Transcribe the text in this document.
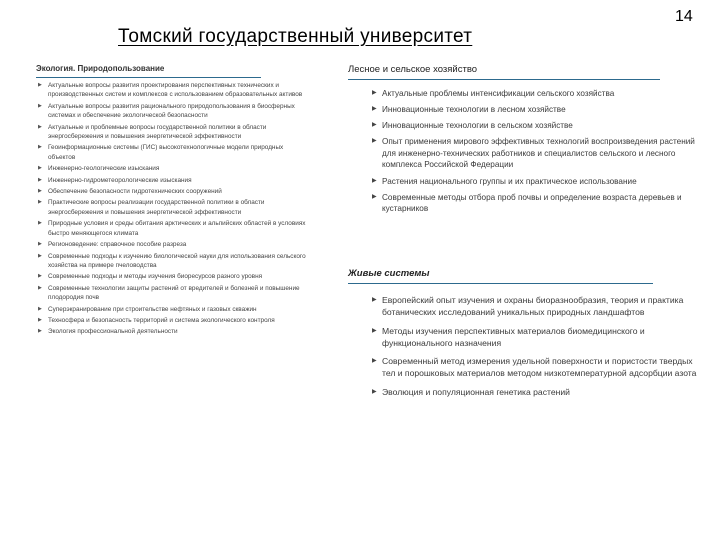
Томский государственный университет
14
Экология. Природопользование
▶ Актуальные вопросы развития проектирования перспективных технических и производственных систем и комплексов с использованием образовательных активов
▶ Актуальные вопросы развития рационального природопользования в биосферных системах и обеспечение экологической безопасности
▶ Актуальные и проблемные вопросы государственной политики в области энергосбережения и повышения энергетической эффективности
▶ Геоинформационные системы (ГИС) высокотехнологичные модели природных объектов
▶ Инженерно-геологические изыскания
▶ Инженерно-гидрометеорологические изыскания
▶ Обеспечение безопасности гидротехнических сооружений
▶ Практические вопросы реализации государственной политики в области энергосбережения и повышения энергетической эффективности
▶ Природные условия и среды обитания арктических и альпийских областей в условиях быстро меняющегося климата
▶ Регионоведение: справочное пособие разреза
▶ Современные подходы к изучению биологической науки для использования сельского хозяйства на примере пчеловодства
▶ Современные подходы и методы изучения биоресурсов разного уровня
▶ Современные технологии защиты растений от вредителей и болезней и повышение плодородия почв
▶ Суперэкранирование при строительстве нефтяных и газовых скважин
▶ Техносфера и безопасность территорий и система экологического контроля
▶ Экология профессиональной деятельности
Лесное и сельское хозяйство
▶ Актуальные проблемы интенсификации сельского хозяйства
▶ Инновационные технологии в лесном хозяйстве
▶ Инновационные технологии в сельском хозяйстве
▶ Опыт применения мирового эффективных технологий воспроизведения растений для инженерно-технических работников и специалистов сельского и лесного комплекса Российской Федерации
▶ Растения национального группы и их практическое использование
▶ Современные методы отбора проб почвы и определение возраста деревьев и кустарников
Живые системы
▶ Европейский опыт изучения и охраны биоразнообразия, теория и практика ботанических исследований уникальных природных ландшафтов
▶ Методы изучения перспективных материалов биомедицинского и функционального назначения
▶ Современный метод измерения удельной поверхности и пористости твердых тел и порошковых материалов методом низкотемпературной адсорбции азота
▶ Эволюция и популяционная генетика растений
